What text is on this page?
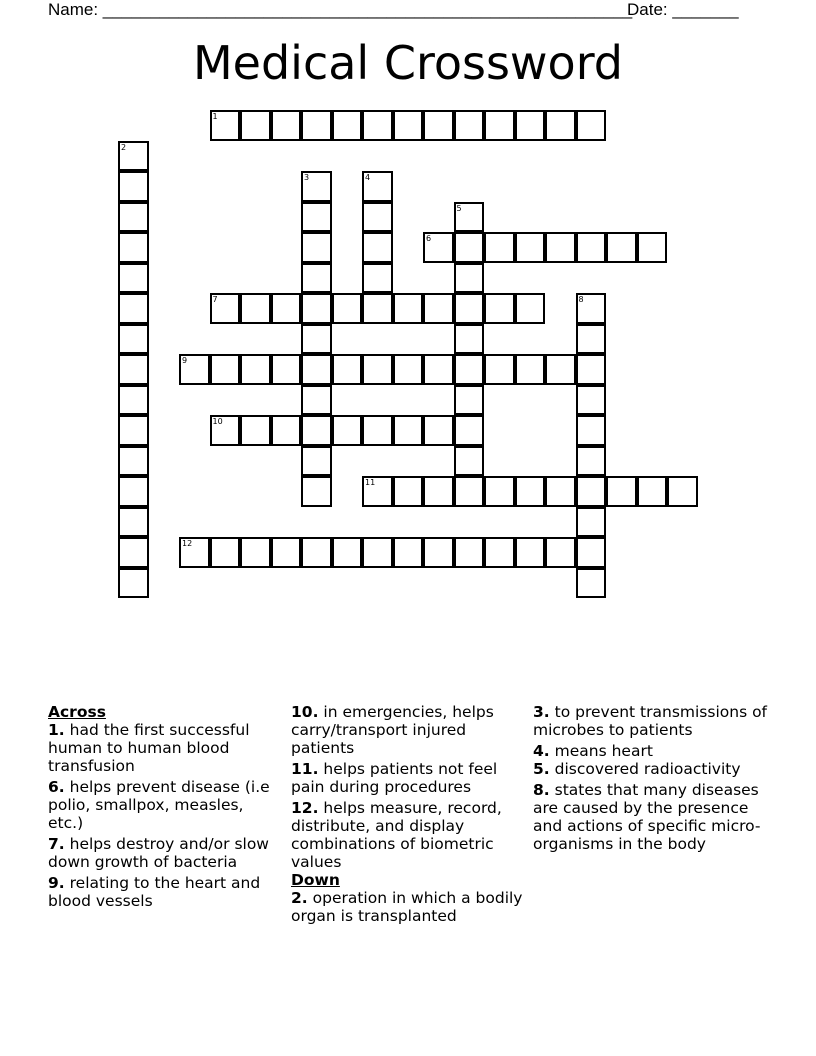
Name: ________________________________________________________
Date: _______
Medical Crossword
1
2
3	4
5
6
7	8
9
10
11
12
Across
1. had the first successful human to human blood transfusion
6. helps prevent disease (i.e polio, smallpox, measles, etc.)
7. helps destroy and/or slow down growth of bacteria
9. relating to the heart and blood vessels
10. in emergencies, helps carry/transport injured patients
11. helps patients not feel pain during procedures
12. helps measure, record, distribute, and display combinations of biometric values
Down
2. operation in which a bodily organ is transplanted
3. to prevent transmissions of microbes to patients
4. means heart
5. discovered radioactivity
8. states that many diseases are caused by the presence and actions of specific micro-organisms in the body
